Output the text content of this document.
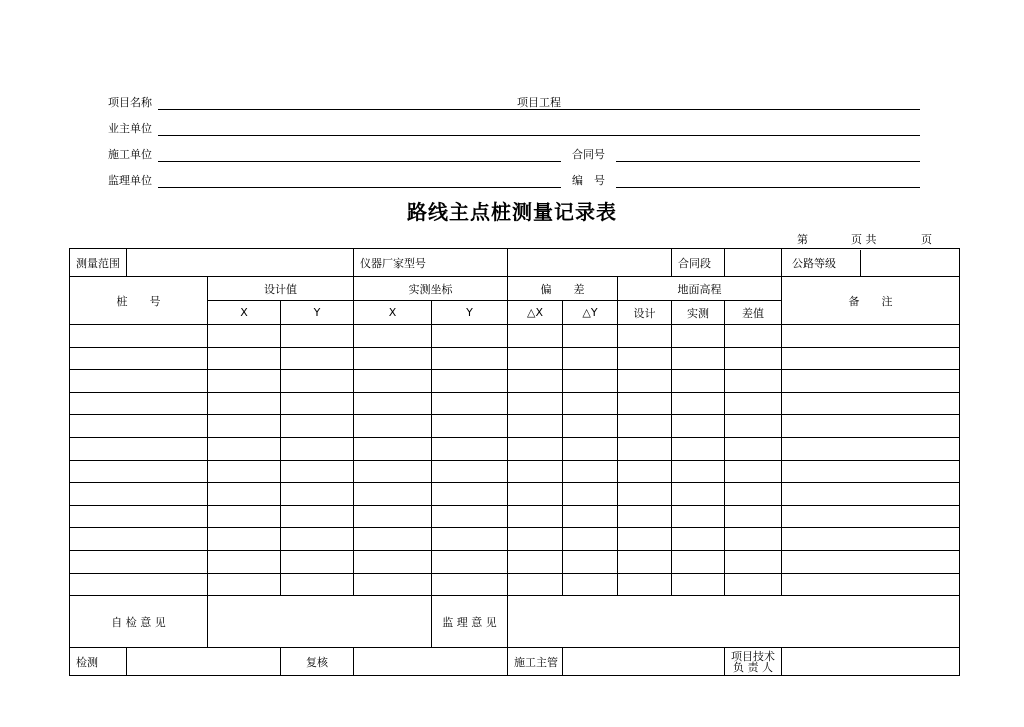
项目名称	项目工程
业主单位
施工单位	合同号
监理单位	编　号
路线主点桩测量记录表
第	页 共	页
测量范围				仪器厂家型号					合同段		公路等级

桩　　号		设计值		实测坐标		偏　　差		地面高程			备　　注
		X	Y	X	Y	△X	△Y	设计	实测	差值	

自 检 意 见					监 理 意 见						
检测			复核			施工主管				项目技术
负 责 人	
